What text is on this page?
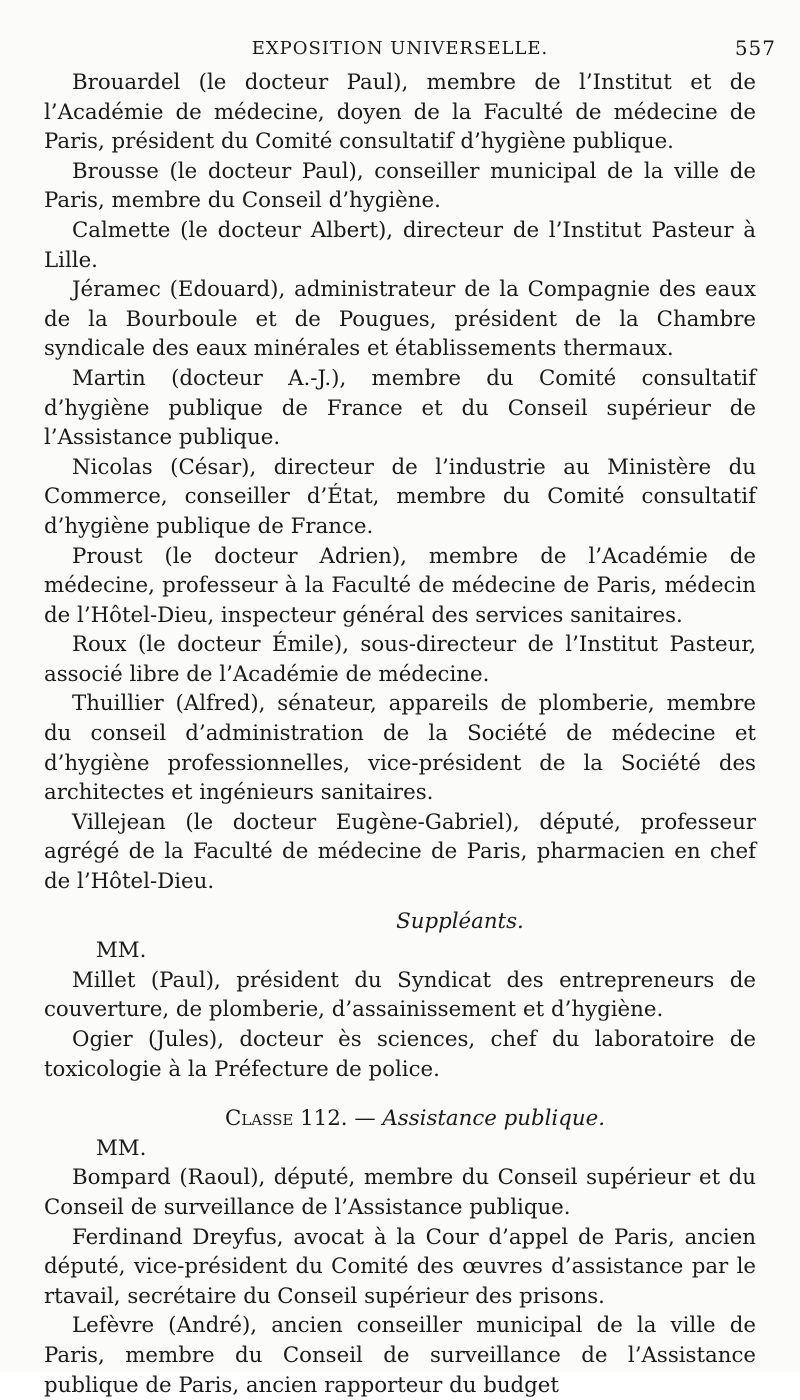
EXPOSITION UNIVERSELLE.	557

Brouardel (le docteur Paul), membre de l’Institut et de l’Académie de médecine, doyen de la Faculté de médecine de Paris, président du Comité consultatif d’hygiène publique.

Brousse (le docteur Paul), conseiller municipal de la ville de Paris, membre du Conseil d’hygiène.

Calmette (le docteur Albert), directeur de l’Institut Pasteur à Lille.

Jéramec (Edouard), administrateur de la Compagnie des eaux de la Bourboule et de Pougues, président de la Chambre syndicale des eaux minérales et établissements thermaux.

Martin (docteur A.-J.), membre du Comité consultatif d’hygiène publique de France et du Conseil supérieur de l’Assistance publique.

Nicolas (César), directeur de l’industrie au Ministère du Commerce, conseiller d’État, membre du Comité consultatif d’hygiène publique de France.

Proust (le docteur Adrien), membre de l’Académie de médecine, professeur à la Faculté de médecine de Paris, médecin de l’Hôtel-Dieu, inspecteur général des services sanitaires.

Roux (le docteur Émile), sous-directeur de l’Institut Pasteur, associé libre de l’Académie de médecine.

Thuillier (Alfred), sénateur, appareils de plomberie, membre du conseil d’administration de la Société de médecine et d’hygiène professionnelles, vice-président de la Société des architectes et ingénieurs sanitaires.

Villejean (le docteur Eugène-Gabriel), député, professeur agrégé de la Faculté de médecine de Paris, pharmacien en chef de l’Hôtel-Dieu.

Suppléants.

MM.

Millet (Paul), président du Syndicat des entrepreneurs de couverture, de plomberie, d’assainissement et d’hygiène.

Ogier (Jules), docteur ès sciences, chef du laboratoire de toxicologie à la Préfecture de police.

Classe 112. — Assistance publique.

MM.

Bompard (Raoul), député, membre du Conseil supérieur et du Conseil de surveillance de l’Assistance publique.

Ferdinand Dreyfus, avocat à la Cour d’appel de Paris, ancien député, vice-président du Comité des œuvres d’assistance par le rtavail, secrétaire du Conseil supérieur des prisons.

Lefèvre (André), ancien conseiller municipal de la ville de Paris, membre du Conseil de surveillance de l’Assistance publique de Paris, ancien rapporteur du budget
